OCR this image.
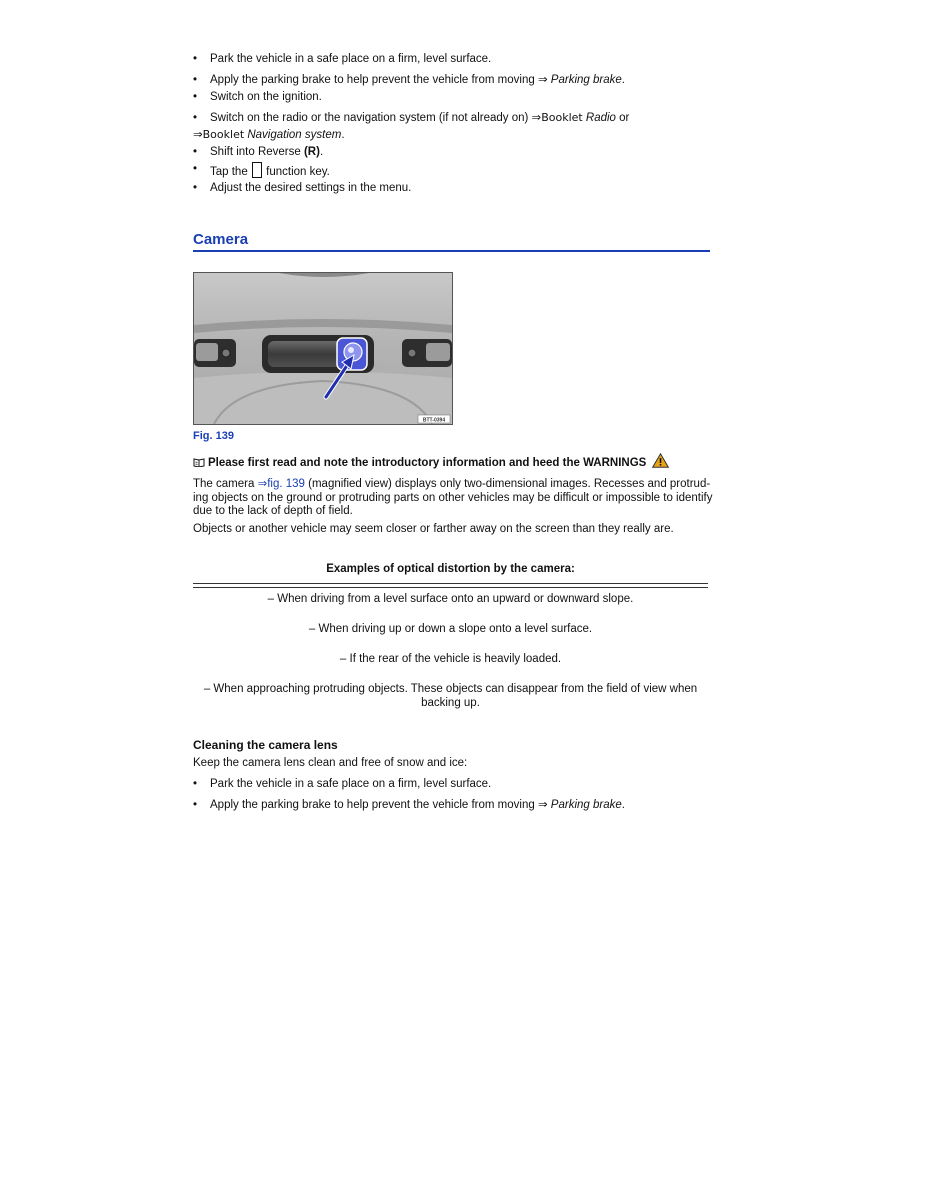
• Park the vehicle in a safe place on a firm, level surface.
• Apply the parking brake to help prevent the vehicle from moving ⇒ Parking brake.
• Switch on the ignition.
• Switch on the radio or the navigation system (if not already on) ⇒Booklet Radio or
⇒Booklet Navigation system.
• Shift into Reverse (R).
• Tap the function key.
• Adjust the desired settings in the menu.
Camera
BTT-0394
Fig. 139
Please first read and note the introductory information and heed the WARNINGS
The camera ⇒fig. 139 (magnified view) displays only two-dimensional images. Recesses and protrud-
ing objects on the ground or protruding parts on other vehicles may be difficult or impossible to identify
due to the lack of depth of field.
Objects or another vehicle may seem closer or farther away on the screen than they really are.
Examples of optical distortion by the camera:
– When driving from a level surface onto an upward or downward slope.
– When driving up or down a slope onto a level surface.
– If the rear of the vehicle is heavily loaded.
– When approaching protruding objects. These objects can disappear from the field of view when
backing up.
Cleaning the camera lens
Keep the camera lens clean and free of snow and ice:
• Park the vehicle in a safe place on a firm, level surface.
• Apply the parking brake to help prevent the vehicle from moving ⇒ Parking brake.
